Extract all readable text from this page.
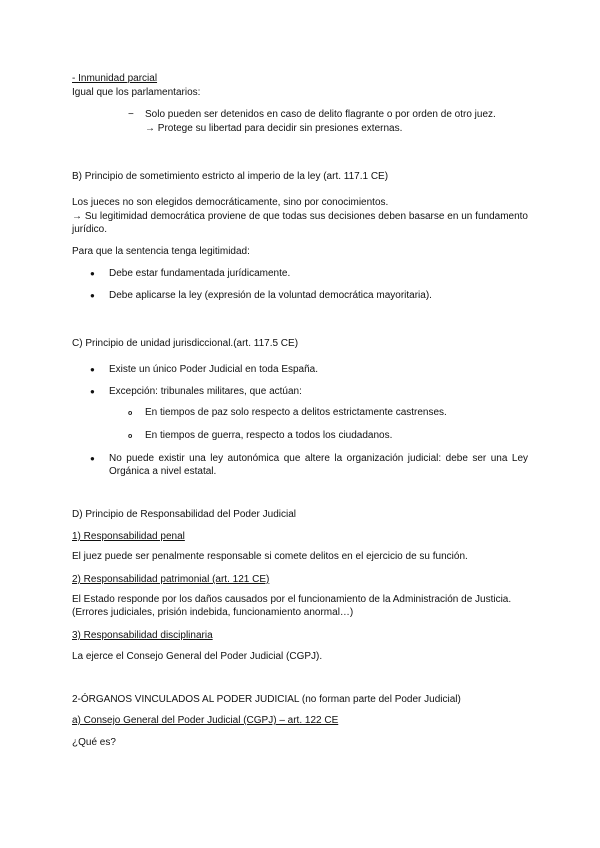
- Inmunidad parcial
Igual que los parlamentarios:
− Solo pueden ser detenidos en caso de delito flagrante o por orden de otro juez.
→ Protege su libertad para decidir sin presiones externas.
B) Principio de sometimiento estricto al imperio de la ley (art. 117.1 CE)
Los jueces no son elegidos democráticamente, sino por conocimientos.
→ Su legitimidad democrática proviene de que todas sus decisiones deben basarse en un fundamento jurídico.
Para que la sentencia tenga legitimidad:
● Debe estar fundamentada jurídicamente.
● Debe aplicarse la ley (expresión de la voluntad democrática mayoritaria).
C) Principio de unidad jurisdiccional.(art. 117.5 CE)
● Existe un único Poder Judicial en toda España.
● Excepción: tribunales militares, que actúan:
o En tiempos de paz solo respecto a delitos estrictamente castrenses.
o En tiempos de guerra, respecto a todos los ciudadanos.
● No puede existir una ley autonómica que altere la organización judicial: debe ser una Ley Orgánica a nivel estatal.
D) Principio de Responsabilidad del Poder Judicial
1) Responsabilidad penal
El juez puede ser penalmente responsable si comete delitos en el ejercicio de su función.
2) Responsabilidad patrimonial (art. 121 CE)
El Estado responde por los daños causados por el funcionamiento de la Administración de Justicia.
(Errores judiciales, prisión indebida, funcionamiento anormal…)
3) Responsabilidad disciplinaria
La ejerce el Consejo General del Poder Judicial (CGPJ).
2-ÓRGANOS VINCULADOS AL PODER JUDICIAL (no forman parte del Poder Judicial)
a) Consejo General del Poder Judicial (CGPJ) – art. 122 CE
¿Qué es?
